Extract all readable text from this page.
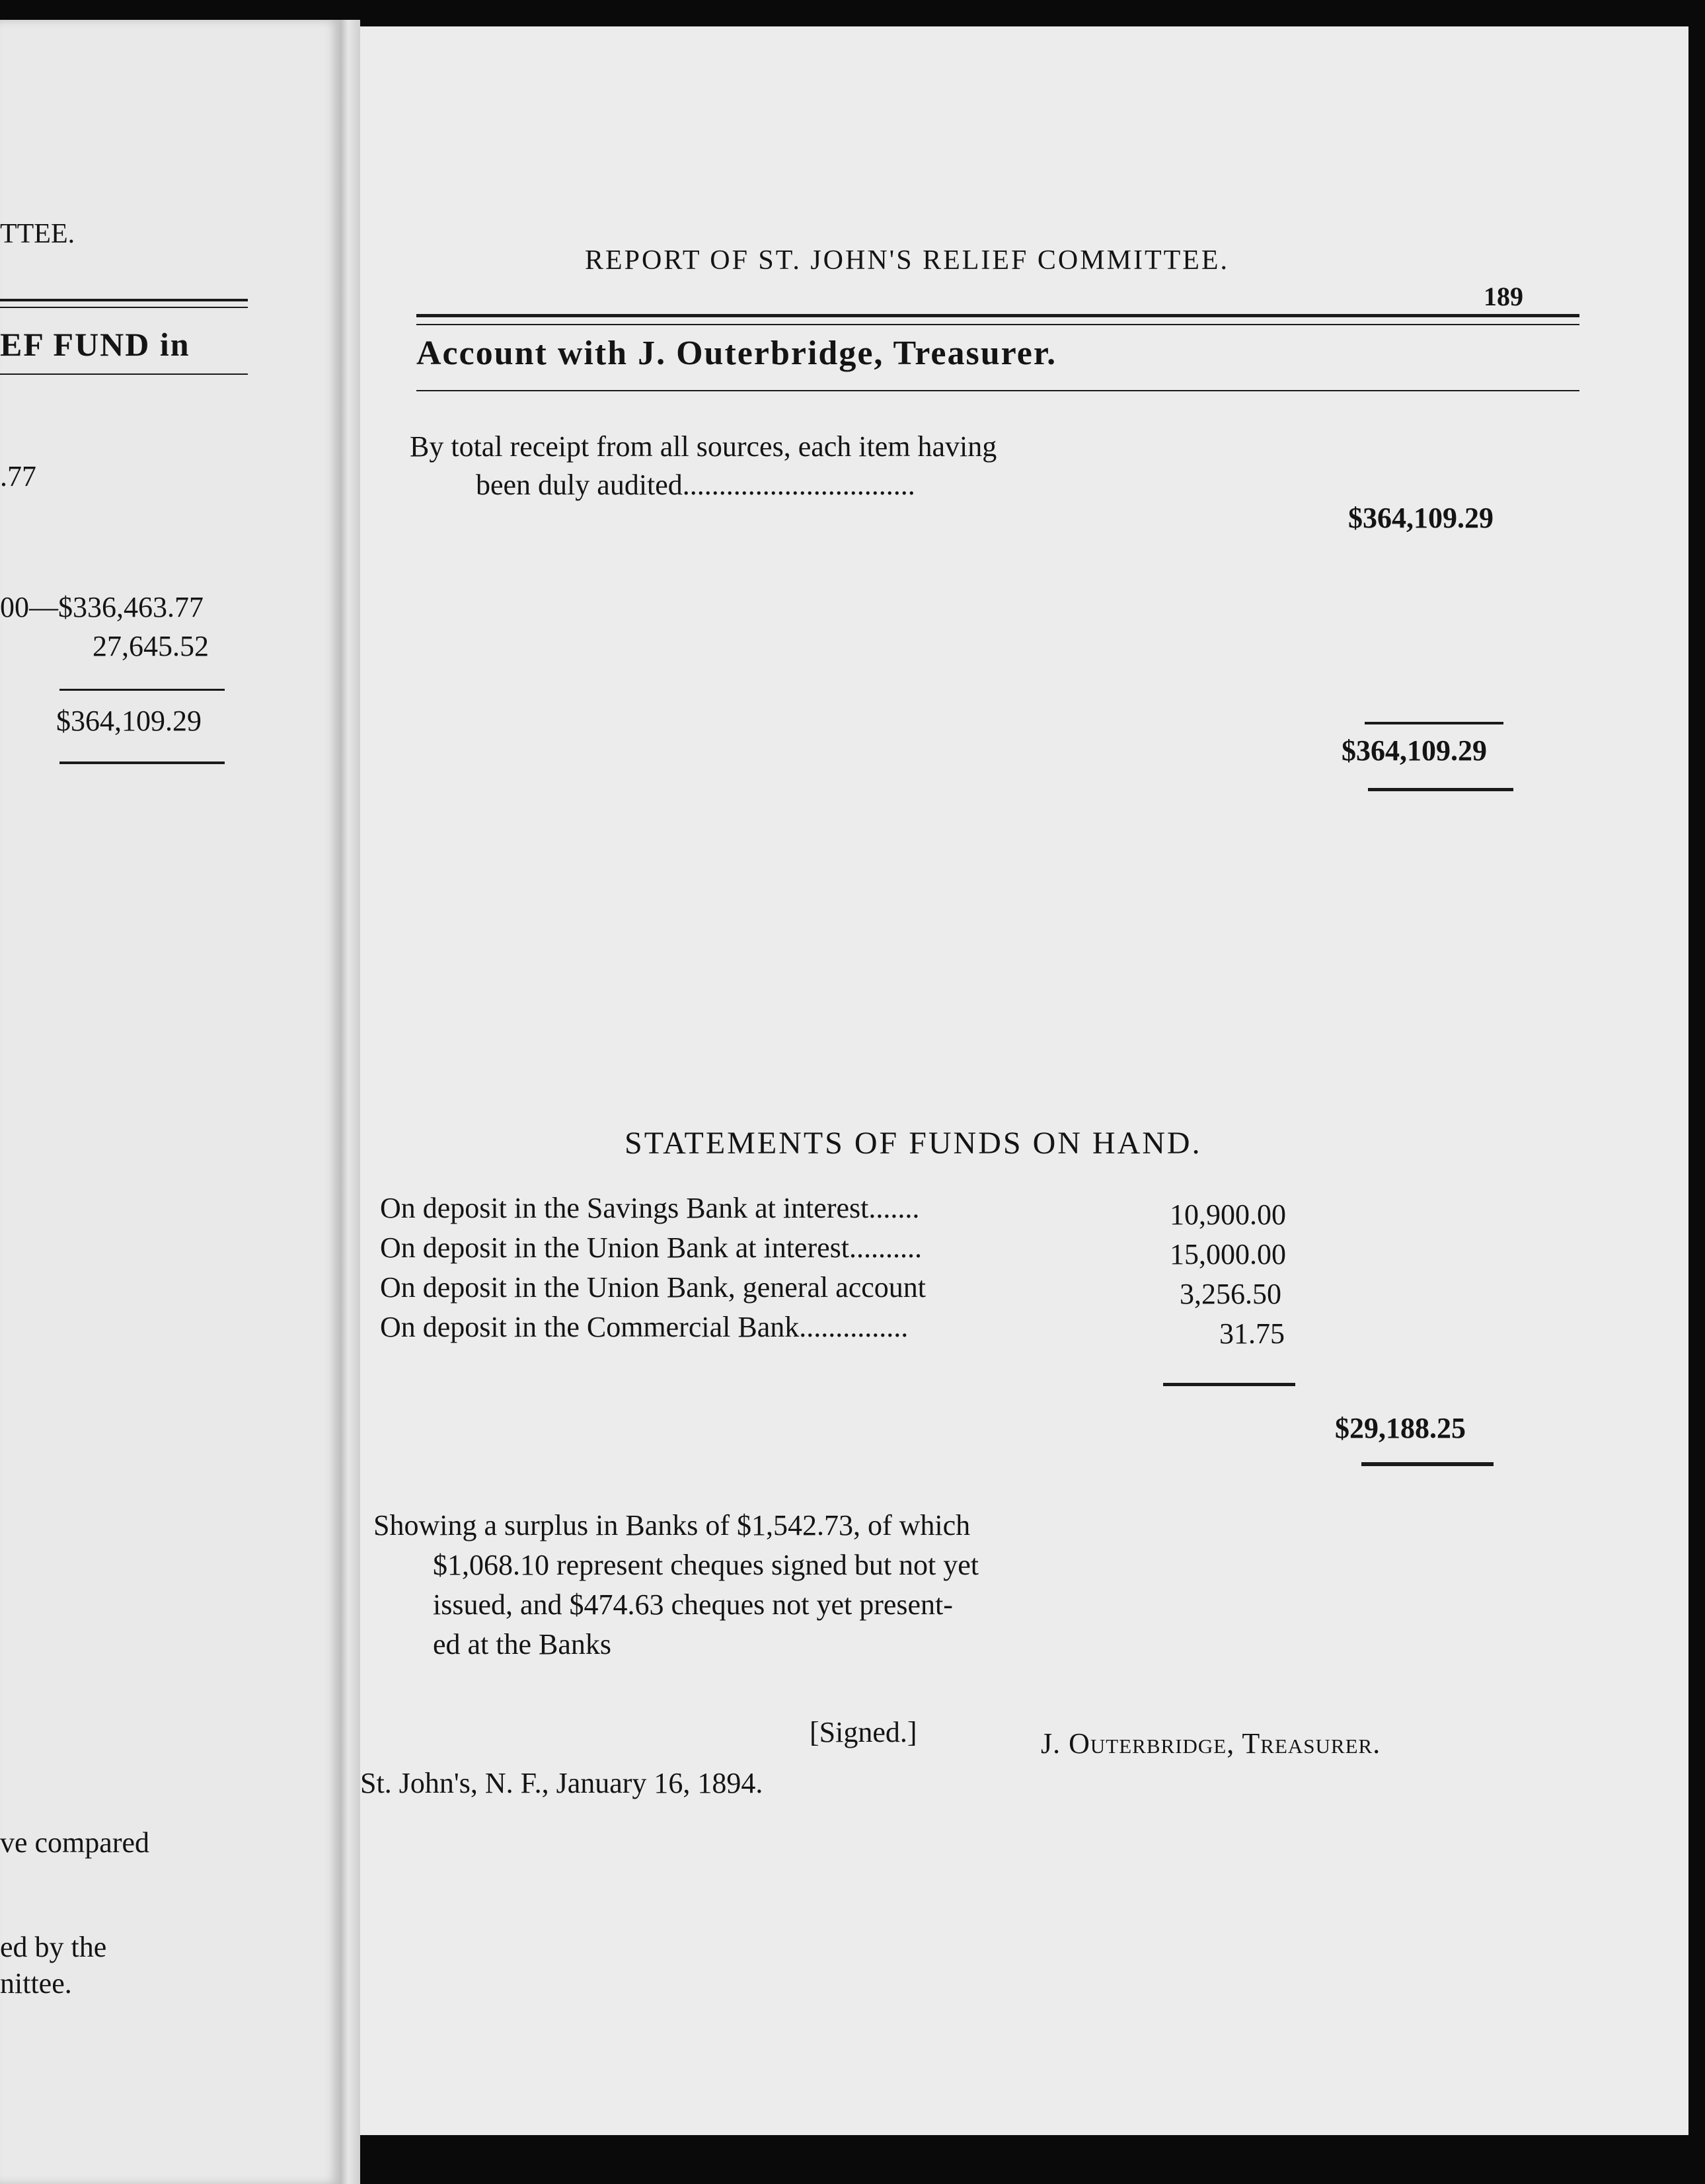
TTEE.
EF FUND in
.77
00—$336,463.77
27,645.52
$364,109.29
ve compared
ed by the
nittee.
REPORT OF ST. JOHN'S RELIEF COMMITTEE.
189
Account with J. Outerbridge, Treasurer.
By total receipt from all sources, each item having
been duly audited................................
$364,109.29
$364,109.29
STATEMENTS OF FUNDS ON HAND.
On deposit in the Savings Bank at interest.......	10,900.00
On deposit in the Union Bank at interest..........	15,000.00
On deposit in the Union Bank, general account	3,256.50
On deposit in the Commercial Bank...............	31.75
$29,188.25
Showing a surplus in Banks of $1,542.73, of which
$1,068.10 represent cheques signed but not yet
issued, and $474.63 cheques not yet present-
ed at the Banks
[Signed.]	J. Outerbridge, Treasurer.
St. John's, N. F., January 16, 1894.
